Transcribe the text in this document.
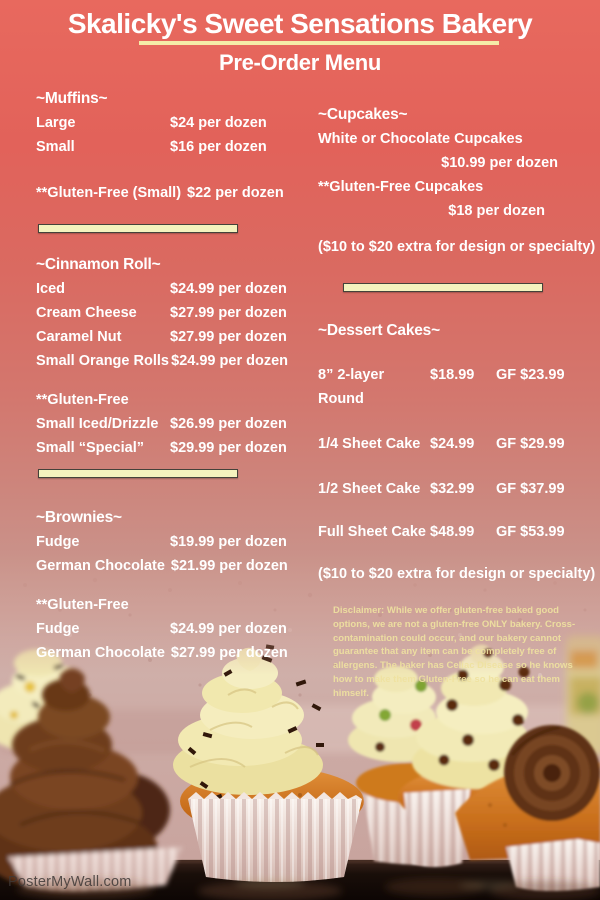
Skalicky's Sweet Sensations Bakery
Pre-Order Menu
~Muffins~
Large	$24 per dozen
Small	$16 per dozen
**Gluten-Free (Small) $22 per dozen
~Cinnamon Roll~
Iced	$24.99 per dozen
Cream Cheese	$27.99 per dozen
Caramel Nut	$27.99 per dozen
Small Orange Rolls $24.99 per dozen
**Gluten-Free
Small Iced/Drizzle $26.99 per dozen
Small “Special”	$29.99 per dozen
~Brownies~
Fudge	$19.99 per dozen
German Chocolate $21.99 per dozen
**Gluten-Free
Fudge	$24.99 per dozen
German Chocolate $27.99 per dozen
~Cupcakes~
White or Chocolate Cupcakes
$10.99 per dozen
**Gluten-Free Cupcakes
$18 per dozen
($10 to $20 extra for design or specialty)
~Dessert Cakes~
8” 2-layer Round
$18.99	GF $23.99
1/4 Sheet Cake $24.99	GF $29.99
1/2 Sheet Cake $32.99	GF $37.99
Full Sheet Cake $48.99	GF $53.99
($10 to $20 extra for design or specialty)
Disclaimer: While we offer gluten-free baked good options, we are not a gluten-free ONLY bakery. Cross-contamination could occur, and our bakery cannot guarantee that any item can be completely free of allergens. The baker has Celiac Disease so he knows how to make them Gluten-Free so he can eat them himself.
PosterMyWall.com
